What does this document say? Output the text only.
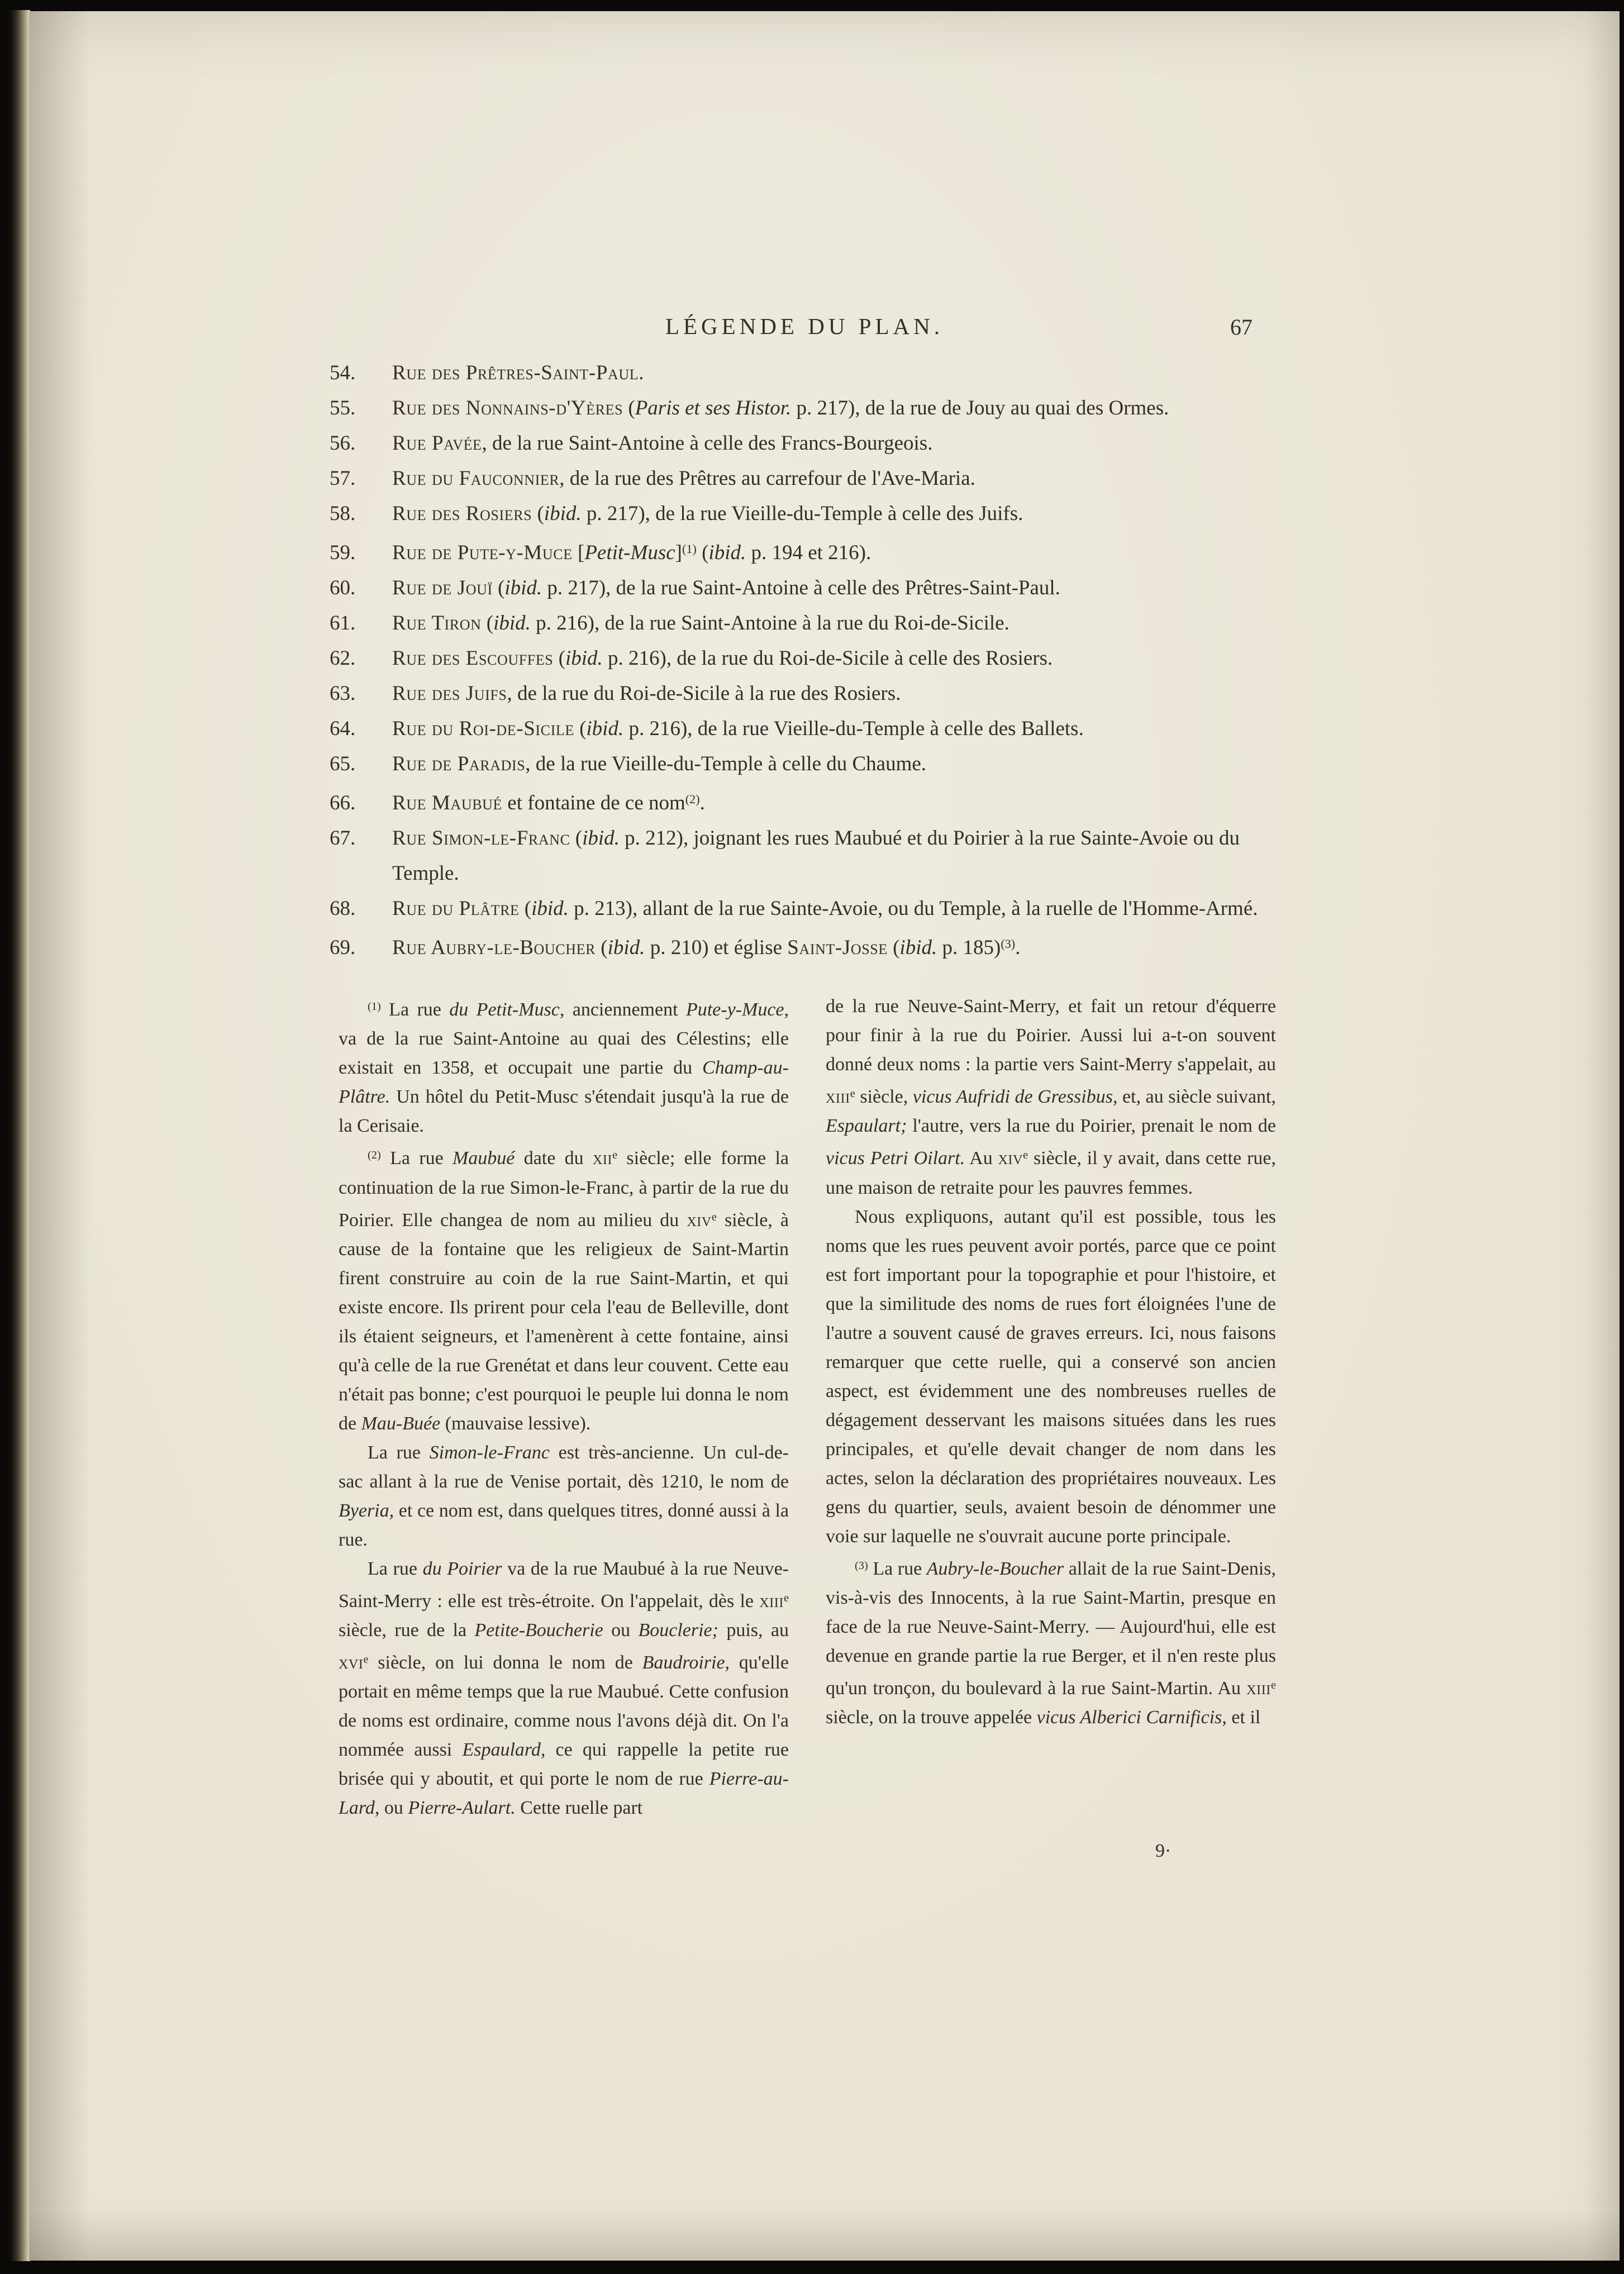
LÉGENDE DU PLAN.	67
54. Rue des Prêtres-Saint-Paul.
55. Rue des Nonnains-d'Yères (Paris et ses Histor. p. 217), de la rue de Jouy au quai des Ormes.
56. Rue Pavée, de la rue Saint-Antoine à celle des Francs-Bourgeois.
57. Rue du Fauconnier, de la rue des Prêtres au carrefour de l'Ave-Maria.
58. Rue des Rosiers (ibid. p. 217), de la rue Vieille-du-Temple à celle des Juifs.
59. Rue de Pute-y-Muce [Petit-Musc]$^{(1)}$ (ibid. p. 194 et 216).
60. Rue de Jouï (ibid. p. 217), de la rue Saint-Antoine à celle des Prêtres-Saint-Paul.
61. Rue Tiron (ibid. p. 216), de la rue Saint-Antoine à la rue du Roi-de-Sicile.
62. Rue des Escouffes (ibid. p. 216), de la rue du Roi-de-Sicile à celle des Rosiers.
63. Rue des Juifs, de la rue du Roi-de-Sicile à la rue des Rosiers.
64. Rue du Roi-de-Sicile (ibid. p. 216), de la rue Vieille-du-Temple à celle des Ballets.
65. Rue de Paradis, de la rue Vieille-du-Temple à celle du Chaume.
66. Rue Maubué et fontaine de ce nom$^{(2)}$.
67. Rue Simon-le-Franc (ibid. p. 212), joignant les rues Maubué et du Poirier à la rue Sainte-Avoie ou du Temple.
68. Rue du Plâtre (ibid. p. 213), allant de la rue Sainte-Avoie, ou du Temple, à la ruelle de l'Homme-Armé.
69. Rue Aubry-le-Boucher (ibid. p. 210) et église Saint-Josse (ibid. p. 185)$^{(3)}$.

$^{(1)}$ La rue du Petit-Musc, anciennement Pute-y-Muce, va de la rue Saint-Antoine au quai des Célestins; elle existait en 1358, et occupait une partie du Champ-au-Plâtre. Un hôtel du Petit-Musc s'étendait jusqu'à la rue de la Cerisaie.

$^{(2)}$ La rue Maubué date du xii$^e$ siècle; elle forme la continuation de la rue Simon-le-Franc, à partir de la rue du Poirier. Elle changea de nom au milieu du xiv$^e$ siècle, à cause de la fontaine que les religieux de Saint-Martin firent construire au coin de la rue Saint-Martin, et qui existe encore. Ils prirent pour cela l'eau de Belleville, dont ils étaient seigneurs, et l'amenèrent à cette fontaine, ainsi qu'à celle de la rue Grenétat et dans leur couvent. Cette eau n'était pas bonne; c'est pourquoi le peuple lui donna le nom de Mau-Buée (mauvaise lessive).

La rue Simon-le-Franc est très-ancienne. Un cul-de-sac allant à la rue de Venise portait, dès 1210, le nom de Byeria, et ce nom est, dans quelques titres, donné aussi à la rue.

La rue du Poirier va de la rue Maubué à la rue Neuve-Saint-Merry : elle est très-étroite. On l'appelait, dès le xiii$^e$ siècle, rue de la Petite-Boucherie ou Bouclerie; puis, au xvi$^e$ siècle, on lui donna le nom de Baudroirie, qu'elle portait en même temps que la rue Maubué. Cette confusion de noms est ordinaire, comme nous l'avons déjà dit. On l'a nommée aussi Espaulard, ce qui rappelle la petite rue brisée qui y aboutit, et qui porte le nom de rue Pierre-au-Lard, ou Pierre-Aulart. Cette ruelle part

de la rue Neuve-Saint-Merry, et fait un retour d'équerre pour finir à la rue du Poirier. Aussi lui a-t-on souvent donné deux noms : la partie vers Saint-Merry s'appelait, au xiii$^e$ siècle, vicus Aufridi de Gressibus, et, au siècle suivant, Espaulart; l'autre, vers la rue du Poirier, prenait le nom de vicus Petri Oilart. Au xiv$^e$ siècle, il y avait, dans cette rue, une maison de retraite pour les pauvres femmes.

Nous expliquons, autant qu'il est possible, tous les noms que les rues peuvent avoir portés, parce que ce point est fort important pour la topographie et pour l'histoire, et que la similitude des noms de rues fort éloignées l'une de l'autre a souvent causé de graves erreurs. Ici, nous faisons remarquer que cette ruelle, qui a conservé son ancien aspect, est évidemment une des nombreuses ruelles de dégagement desservant les maisons situées dans les rues principales, et qu'elle devait changer de nom dans les actes, selon la déclaration des propriétaires nouveaux. Les gens du quartier, seuls, avaient besoin de dénommer une voie sur laquelle ne s'ouvrait aucune porte principale.

$^{(3)}$ La rue Aubry-le-Boucher allait de la rue Saint-Denis, vis-à-vis des Innocents, à la rue Saint-Martin, presque en face de la rue Neuve-Saint-Merry. — Aujourd'hui, elle est devenue en grande partie la rue Berger, et il n'en reste plus qu'un tronçon, du boulevard à la rue Saint-Martin. Au xiii$^e$ siècle, on la trouve appelée vicus Alberici Carnificis, et il

9·
